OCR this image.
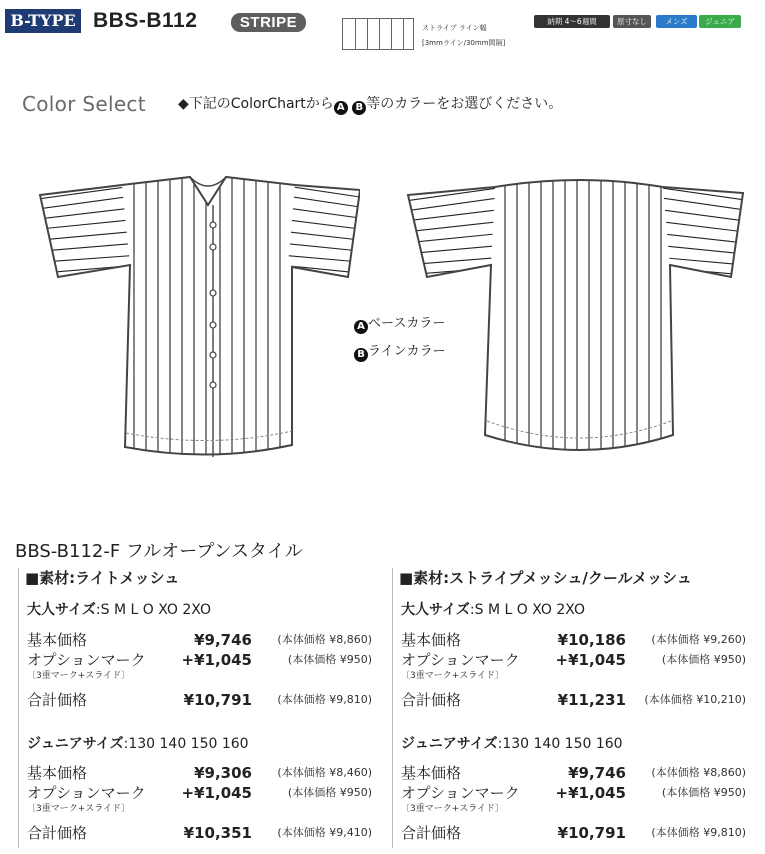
B-TYPE BBS-B112	STRIPE	ストライプ ライン幅
[3mmライン/30mm間隔]
納期 4〜6週間	原寸なし	メンズ	ジュニア
Color Select ◆下記のColorChartから A B 等のカラーをお選びください。
A ベースカラー
B ラインカラー
BBS-B112-F フルオープンスタイル
■素材:ライトメッシュ
大人サイズ:S M L O XO 2XO
基本価格	¥9,746 (本体価格 ¥8,860)
オプションマーク +¥1,045	(本体価格 ¥950)
〔3重マーク+スライド〕
合計価格	¥10,791 (本体価格 ¥9,810)
ジュニアサイズ:130 140 150 160
基本価格	¥9,306 (本体価格 ¥8,460)
オプションマーク +¥1,045	(本体価格 ¥950)
〔3重マーク+スライド〕
合計価格	¥10,351 (本体価格 ¥9,410)
■素材:ストライプメッシュ/クールメッシュ
大人サイズ:S M L O XO 2XO
基本価格	¥10,186 (本体価格 ¥9,260)
オプションマーク +¥1,045	(本体価格 ¥950)
〔3重マーク+スライド〕
合計価格	¥11,231 (本体価格 ¥10,210)
ジュニアサイズ:130 140 150 160
基本価格	¥9,746 (本体価格 ¥8,860)
オプションマーク +¥1,045	(本体価格 ¥950)
〔3重マーク+スライド〕
合計価格	¥10,791 (本体価格 ¥9,810)
